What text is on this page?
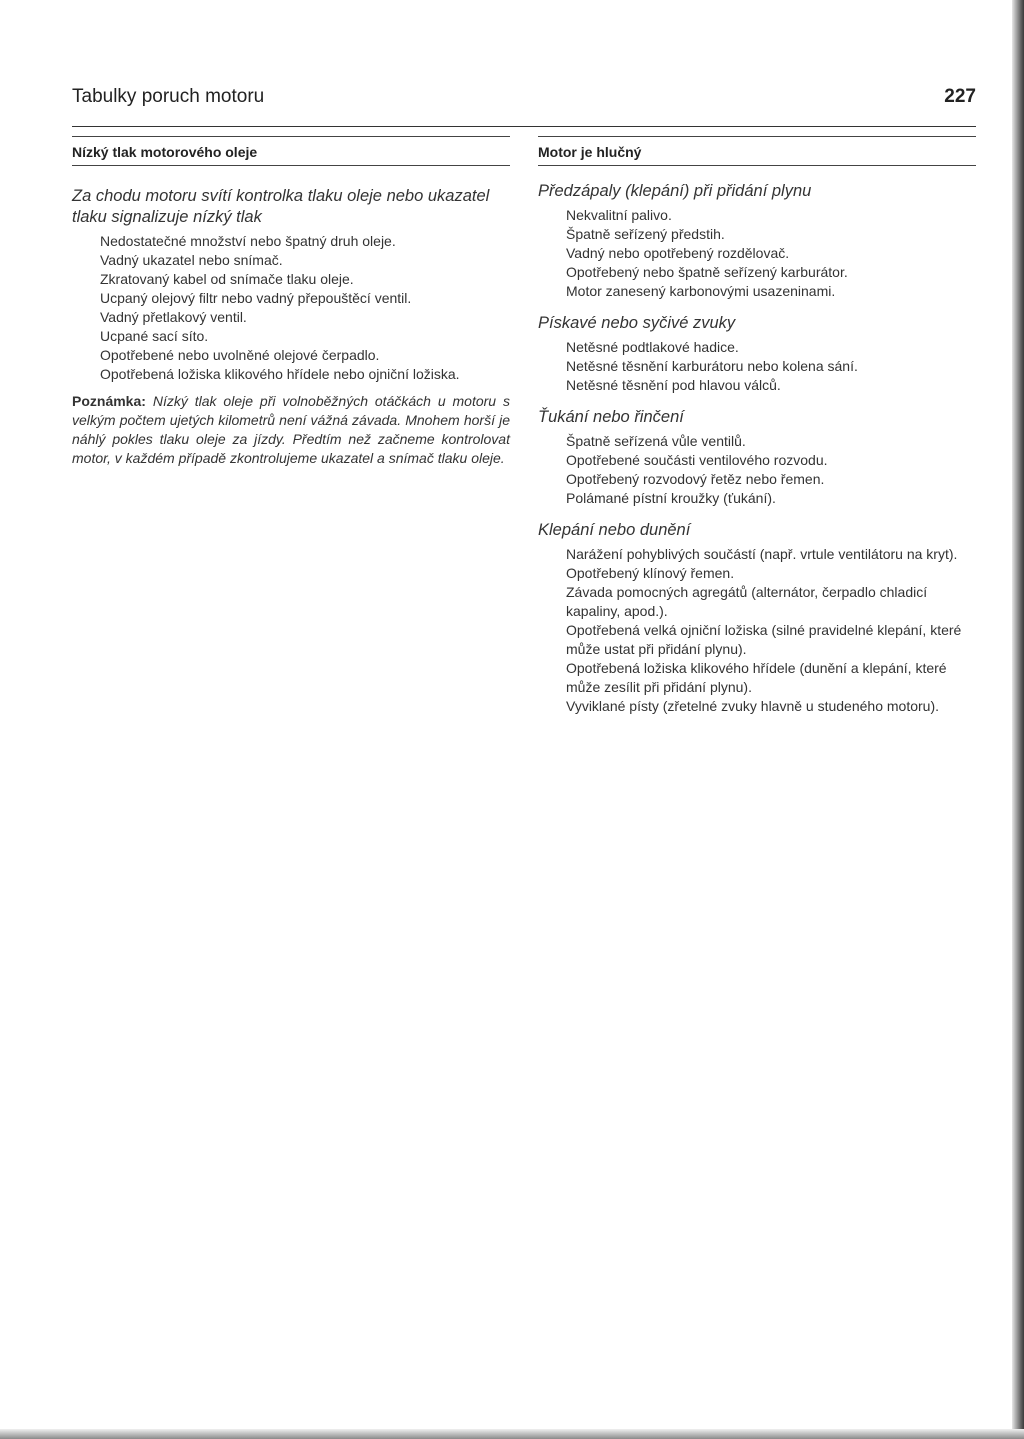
Tabulky poruch motoru	227
Nízký tlak motorového oleje
Za chodu motoru svítí kontrolka tlaku oleje nebo ukazatel tlaku signalizuje nízký tlak
Nedostatečné množství nebo špatný druh oleje.
Vadný ukazatel nebo snímač.
Zkratovaný kabel od snímače tlaku oleje.
Ucpaný olejový filtr nebo vadný přepouštěcí ventil.
Vadný přetlakový ventil.
Ucpané sací síto.
Opotřebené nebo uvolněné olejové čerpadlo.
Opotřebená ložiska klikového hřídele nebo ojniční ložiska.
Poznámka: Nízký tlak oleje při volnoběžných otáčkách u motoru s velkým počtem ujetých kilometrů není vážná závada. Mnohem horší je náhlý pokles tlaku oleje za jízdy. Předtím než začneme kontrolovat motor, v každém případě zkontrolujeme ukazatel a snímač tlaku oleje.
Motor je hlučný
Předzápaly (klepání) při přidání plynu
Nekvalitní palivo.
Špatně seřízený předstih.
Vadný nebo opotřebený rozdělovač.
Opotřebený nebo špatně seřízený karburátor.
Motor zanesený karbonovými usazeninami.
Pískavé nebo syčivé zvuky
Netěsné podtlakové hadice.
Netěsné těsnění karburátoru nebo kolena sání.
Netěsné těsnění pod hlavou válců.
Ťukání nebo řinčení
Špatně seřízená vůle ventilů.
Opotřebené součásti ventilového rozvodu.
Opotřebený rozvodový řetěz nebo řemen.
Polámané pístní kroužky (ťukání).
Klepání nebo dunění
Narážení pohyblivých součástí (např. vrtule ventilátoru na kryt).
Opotřebený klínový řemen.
Závada pomocných agregátů (alternátor, čerpadlo chladicí kapaliny, apod.).
Opotřebená velká ojniční ložiska (silné pravidelné klepání, které může ustat při přidání plynu).
Opotřebená ložiska klikového hřídele (dunění a klepání, které může zesílit při přidání plynu).
Vyviklané písty (zřetelné zvuky hlavně u studeného motoru).
